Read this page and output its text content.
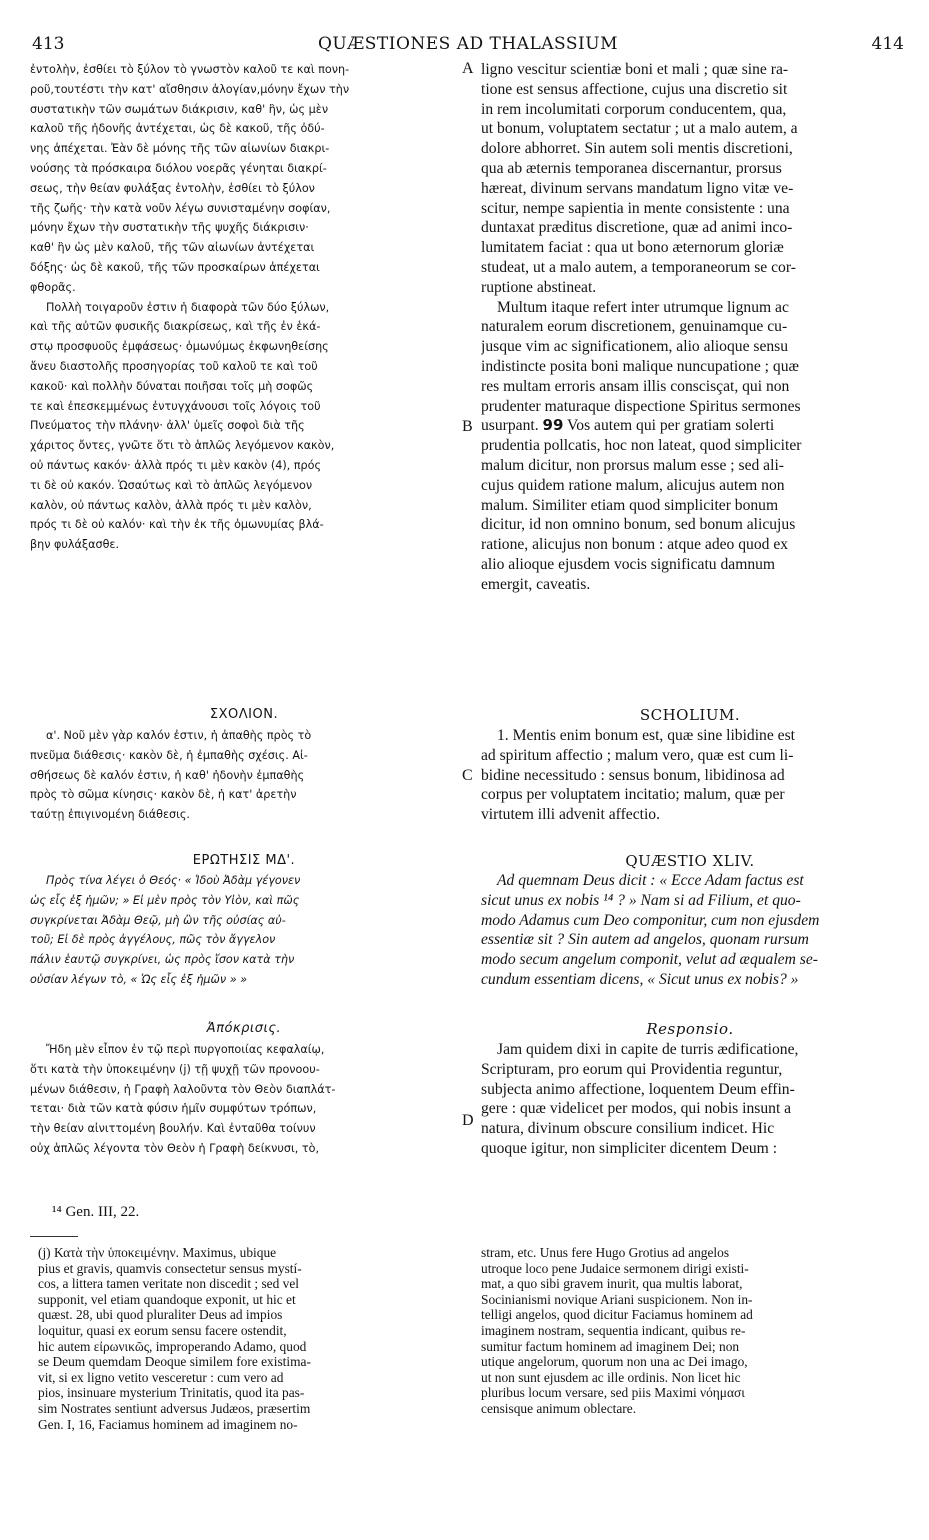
413	QUÆSTIONES AD THALASSIUM	414
ἐντολὴν, ἐσθίει τὸ ξύλον τὸ γνωστὸν καλοῦ τε καὶ πονη-
ροῦ,τουτέστι τὴν κατ' αἴσθησιν ἀλογίαν,μόνην ἔχων τὴν
συστατικὴν τῶν σωμάτων διάκρισιν, καθ' ἣν, ὡς μὲν
καλοῦ τῆς ἡδονῆς ἀντέχεται, ὡς δὲ κακοῦ, τῆς ὀδύ-
νης ἀπέχεται. Ἐὰν δὲ μόνης τῆς τῶν αἰωνίων διακρι-
νούσης τὰ πρόσκαιρα διόλου νοερᾶς γένηται διακρί-
σεως, τὴν θείαν φυλάξας ἐντολὴν, ἐσθίει τὸ ξύλον
τῆς ζωῆς· τὴν κατὰ νοῦν λέγω συνισταμένην σοφίαν,
μόνην ἔχων τὴν συστατικὴν τῆς ψυχῆς διάκρισιν·
καθ' ἣν ὡς μὲν καλοῦ, τῆς τῶν αἰωνίων ἀντέχεται
δόξης· ὡς δὲ κακοῦ, τῆς τῶν προσκαίρων ἀπέχεται
φθορᾶς.
Πολλὴ τοιγαροῦν ἐστιν ἡ διαφορὰ τῶν δύο ξύλων,
καὶ τῆς αὐτῶν φυσικῆς διακρίσεως, καὶ τῆς ἐν ἑκά-
στῳ προσφυοῦς ἐμφάσεως· ὁμωνύμως ἐκφωνηθείσης
ἄνευ διαστολῆς προσηγορίας τοῦ καλοῦ τε καὶ τοῦ
κακοῦ· καὶ πολλὴν δύναται ποιῆσαι τοῖς μὴ σοφῶς
τε καὶ ἐπεσκεμμένως ἐντυγχάνουσι τοῖς λόγοις τοῦ
Πνεύματος τὴν πλάνην· ἀλλ' ὑμεῖς σοφοὶ διὰ τῆς
χάριτος ὄντες, γνῶτε ὅτι τὸ ἁπλῶς λεγόμενον κακὸν,
οὐ πάντως κακόν· ἀλλὰ πρός τι μὲν κακὸν (4), πρός
τι δὲ οὐ κακόν. Ὡσαύτως καὶ τὸ ἁπλῶς λεγόμενον
καλὸν, οὐ πάντως καλὸν, ἀλλὰ πρός τι μὲν καλὸν,
πρός τι δὲ οὐ καλόν· καὶ τὴν ἐκ τῆς ὁμωνυμίας βλά-
βην φυλάξασθε.

ΣΧΟΛΙΟΝ.

α'. Νοῦ μὲν γὰρ καλόν ἐστιν, ἡ ἀπαθὴς πρὸς τὸ
πνεῦμα διάθεσις· κακὸν δὲ, ἡ ἐμπαθὴς σχέσις. Αἰ-
σθήσεως δὲ καλόν ἐστιν, ἡ καθ' ἡδονὴν ἐμπαθὴς
πρὸς τὸ σῶμα κίνησις· κακὸν δὲ, ἡ κατ' ἀρετὴν
ταύτῃ ἐπιγινομένη διάθεσις.

ΕΡΩΤΗΣΙΣ ΜΔ'.

Πρὸς τίνα λέγει ὁ Θεός· « Ἰδοὺ Ἀδὰμ γέγονεν
ὡς εἷς ἐξ ἡμῶν; » Εἰ μὲν πρὸς τὸν Υἱὸν, καὶ πῶς
συγκρίνεται Ἀδὰμ Θεῷ, μὴ ὢν τῆς οὐσίας αὐ-
τοῦ; Εἰ δὲ πρὸς ἀγγέλους, πῶς τὸν ἄγγελον
πάλιν ἑαυτῷ συγκρίνει, ὡς πρὸς ἴσον κατὰ τὴν
οὐσίαν λέγων τὸ, « Ὡς εἷς ἐξ ἡμῶν » »

Ἀπόκρισις.

Ἤδη μὲν εἶπον ἐν τῷ περὶ πυργοποιίας κεφαλαίῳ,
ὅτι κατὰ τὴν ὑποκειμένην (j) τῇ ψυχῇ τῶν προνοου-
μένων διάθεσιν, ἡ Γραφὴ λαλοῦντα τὸν Θεὸν διαπλάτ-
τεται· διὰ τῶν κατὰ φύσιν ἡμῖν συμφύτων τρόπων,
τὴν θείαν αἰνιττομένη βουλήν. Καὶ ἐνταῦθα τοίνυν
οὐχ ἁπλῶς λέγοντα τὸν Θεὸν ἡ Γραφὴ δείκνυσι, τὸ,
ligno vescitur scientiæ boni et mali ; quæ sine ra-
tione est sensus affectione, cujus una discretio sit
in rem incolumitati corporum conducentem, qua,
ut bonum, voluptatem sectatur ; ut a malo autem, a
dolore abhorret. Sin autem soli mentis discretioni,
qua ab æternis temporanea discernantur, prorsus
hæreat, divinum servans mandatum ligno vitæ ve-
scitur, nempe sapientia in mente consistente : una
duntaxat præditus discretione, quæ ad animi inco-
lumitatem faciat : qua ut bono æternorum gloriæ
studeat, ut a malo autem, a temporaneorum se cor-
ruptione abstineat.
Multum itaque refert inter utrumque lignum ac
naturalem eorum discretionem, genuinamque cu-
jusque vim ac significationem, alio alioque sensu
indistincte posita boni malique nuncupatione ; quæ
res multam erroris ansam illis conscisçat, qui non
prudenter maturaque dispectione Spiritus sermones
usurpant. 99 Vos autem qui per gratiam solerti
prudentia pollcatis, hoc non lateat, quod simpliciter
malum dicitur, non prorsus malum esse ; sed ali-
cujus quidem ratione malum, alicujus autem non
malum. Similiter etiam quod simpliciter bonum
dicitur, id non omnino bonum, sed bonum alicujus
ratione, alicujus non bonum : atque adeo quod ex
alio alioque ejusdem vocis significatu damnum
emergit, caveatis.

SCHOLIUM.

1. Mentis enim bonum est, quæ sine libidine est
ad spiritum affectio ; malum vero, quæ est cum li-
bidine necessitudo : sensus bonum, libidinosa ad
corpus per voluptatem incitatio; malum, quæ per
virtutem illi advenit affectio.

QUÆSTIO XLIV.

Ad quemnam Deus dicit : « Ecce Adam factus est
sicut unus ex nobis ¹⁴ ? » Nam si ad Filium, et quo-
modo Adamus cum Deo componitur, cum non ejusdem
essentiæ sit ? Sin autem ad angelos, quonam rursum
modo secum angelum componit, velut ad æqualem se-
cundum essentiam dicens, « Sicut unus ex nobis? »

Responsio.

Jam quidem dixi in capite de turris ædificatione,
Scripturam, pro eorum qui Providentia reguntur,
subjecta animo affectione, loquentem Deum effin-
gere : quæ videlicet per modos, qui nobis insunt a
natura, divinum obscure consilium indicet. Hic
quoque igitur, non simpliciter dicentem Deum :
A
B
C
D
¹⁴ Gen. III, 22.
(j) Κατὰ τὴν ὑποκειμένην. Maximus, ubique
pius et gravis, quamvis consectetur sensus mystí-
cos, a littera tamen veritate non discedit ; sed vel
supponit, vel etiam quandoque exponit, ut hic et
quæst. 28, ubi quod pluraliter Deus ad impios
loquitur, quasi ex eorum sensu facere ostendit,
hic autem εἰρωνικῶς, improperando Adamo, quod
se Deum quemdam Deoque similem fore existima-
vit, si ex ligno vetito vesceretur : cum vero ad
pios, insinuare mysterium Trinitatis, quod ita pas-
sim Nostrates sentiunt adversus Judæos, præsertim
Gen. I, 16, Faciamus hominem ad imaginem no-
stram, etc. Unus fere Hugo Grotius ad angelos
utroque loco pene Judaice sermonem dirigi existi-
mat, a quo sibi gravem inurit, qua multis laborat,
Socinianismi novique Ariani suspicionem. Non in-
telligi angelos, quod dicitur Faciamus hominem ad
imaginem nostram, sequentia indicant, quibus re-
sumitur factum hominem ad imaginem Dei; non
utique angelorum, quorum non una ac Dei imago,
ut non sunt ejusdem ac ille ordinis. Non licet hic
pluribus locum versare, sed piis Maximi νόημασι
censisque animum oblectare.
